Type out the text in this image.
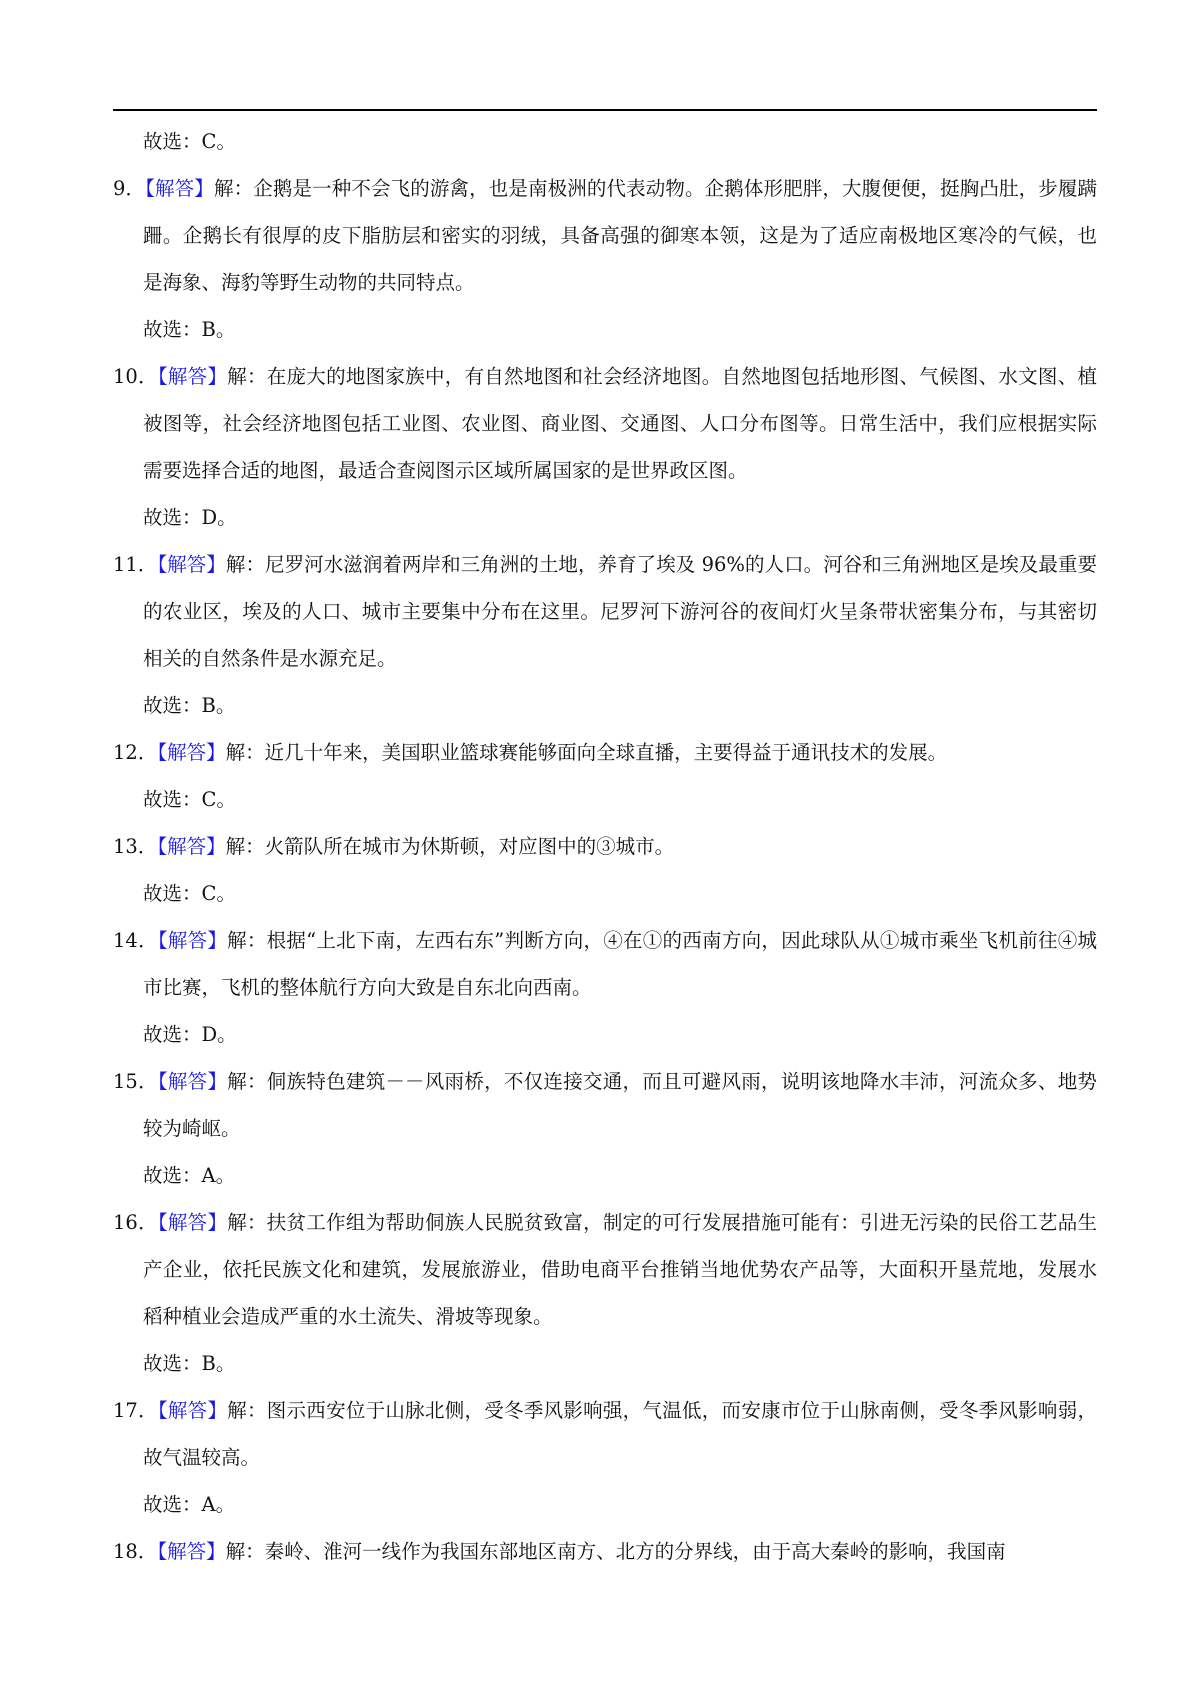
故选：C。

9．【解答】解：企鹅是一种不会飞的游禽，也是南极洲的代表动物。企鹅体形肥胖，大腹便便，挺胸凸肚，步履蹒跚。企鹅长有很厚的皮下脂肪层和密实的羽绒，具备高强的御寒本领，这是为了适应南极地区寒冷的气候，也是海象、海豹等野生动物的共同特点。

故选：B。

10．【解答】解：在庞大的地图家族中，有自然地图和社会经济地图。自然地图包括地形图、气候图、水文图、植被图等，社会经济地图包括工业图、农业图、商业图、交通图、人口分布图等。日常生活中，我们应根据实际需要选择合适的地图，最适合查阅图示区域所属国家的是世界政区图。

故选：D。

11．【解答】解：尼罗河水滋润着两岸和三角洲的土地，养育了埃及 96%的人口。河谷和三角洲地区是埃及最重要的农业区，埃及的人口、城市主要集中分布在这里。尼罗河下游河谷的夜间灯火呈条带状密集分布，与其密切相关的自然条件是水源充足。

故选：B。

12．【解答】解：近几十年来，美国职业篮球赛能够面向全球直播，主要得益于通讯技术的发展。

故选：C。

13．【解答】解：火箭队所在城市为休斯顿，对应图中的③城市。

故选：C。

14．【解答】解：根据“上北下南，左西右东”判断方向，④在①的西南方向，因此球队从①城市乘坐飞机前往④城市比赛，飞机的整体航行方向大致是自东北向西南。

故选：D。

15．【解答】解：侗族特色建筑－－风雨桥，不仅连接交通，而且可避风雨，说明该地降水丰沛，河流众多、地势较为崎岖。

故选：A。

16．【解答】解：扶贫工作组为帮助侗族人民脱贫致富，制定的可行发展措施可能有：引进无污染的民俗工艺品生产企业，依托民族文化和建筑，发展旅游业，借助电商平台推销当地优势农产品等，大面积开垦荒地，发展水稻种植业会造成严重的水土流失、滑坡等现象。

故选：B。

17．【解答】解：图示西安位于山脉北侧，受冬季风影响强，气温低，而安康市位于山脉南侧，受冬季风影响弱，故气温较高。

故选：A。

18．【解答】解：秦岭、淮河一线作为我国东部地区南方、北方的分界线，由于高大秦岭的影响，我国南
